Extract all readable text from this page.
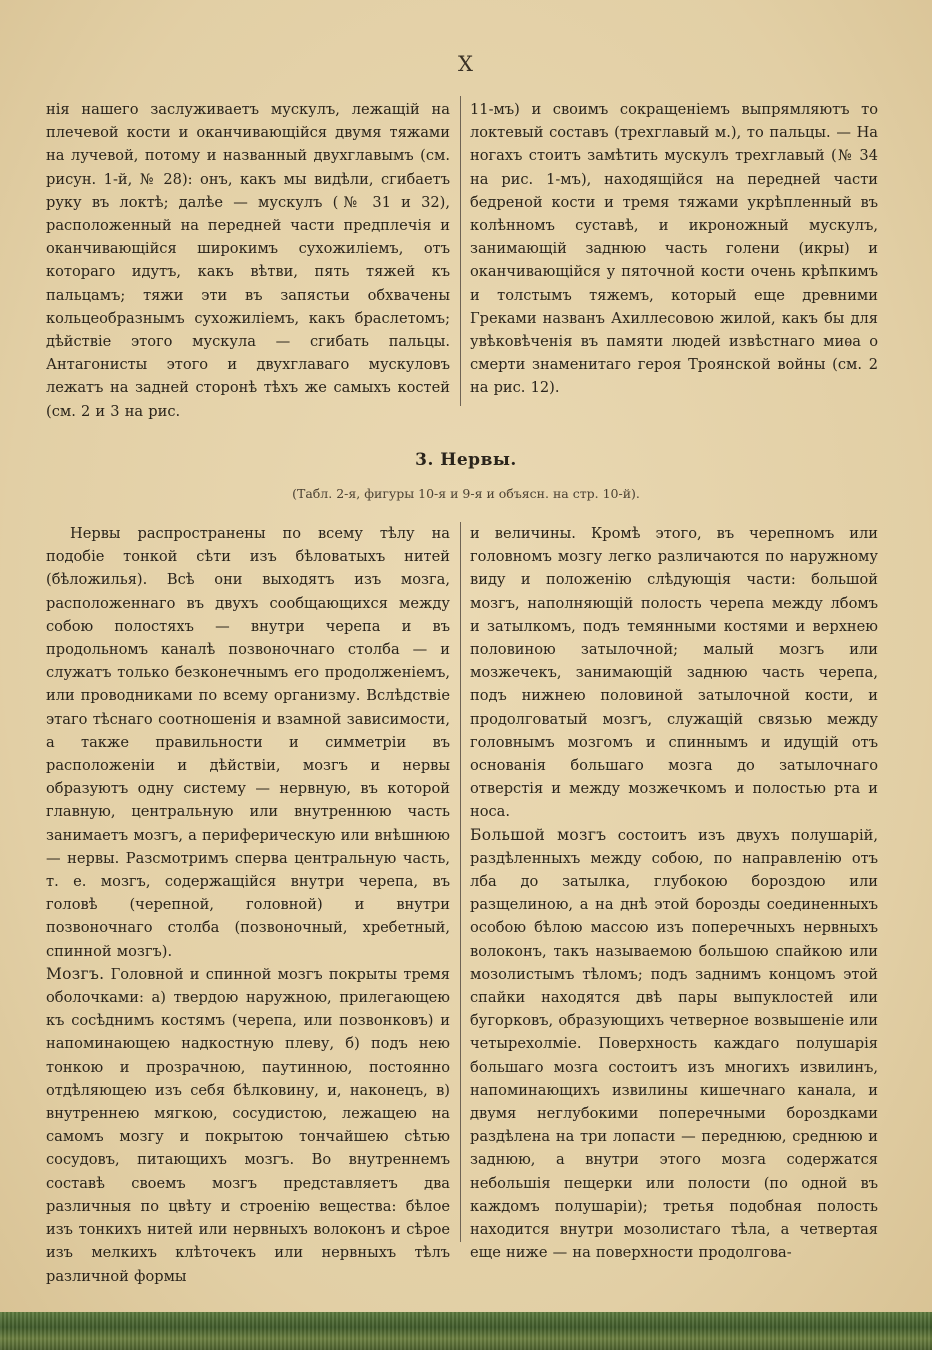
X

нія нашего заслуживаетъ мускулъ, лежащій на плечевой кости и оканчивающійся двумя тяжами на лучевой, потому и названный двухглавымъ (см. рисун. 1-й, № 28): онъ, какъ мы видѣли, сгибаетъ руку въ локтѣ; далѣе — мускулъ (№ 31 и 32), расположенный на передней части предплечія и оканчивающійся широкимъ сухожиліемъ, отъ котораго идутъ, какъ вѣтви, пять тяжей къ пальцамъ; тяжи эти въ запястьи обхвачены кольцеобразнымъ сухожиліемъ, какъ браслетомъ; дѣйствіе этого мускула — сгибать пальцы. Антагонисты этого и двухглаваго мускуловъ лежатъ на задней сторонѣ тѣхъ же самыхъ костей (см. 2 и 3 на рис.

11-мъ) и своимъ сокращеніемъ выпрямляютъ то локтевый составъ (трехглавый м.), то пальцы. — На ногахъ стоитъ замѣтить мускулъ трехглавый (№ 34 на рис. 1-мъ), находящійся на передней части бедреной кости и тремя тяжами укрѣпленный въ колѣнномъ суставѣ, и икроножный мускулъ, занимающій заднюю часть голени (икры) и оканчивающійся у пяточной кости очень крѣпкимъ и толстымъ тяжемъ, который еще древними Греками названъ Ахиллесовою жилой, какъ бы для увѣковѣченія въ памяти людей извѣстнаго миѳа о смерти знаменитаго героя Троянской войны (см. 2 на рис. 12).

3. Нервы.
(Табл. 2-я, фигуры 10-я и 9-я и объясн. на стр. 10-й).

Нервы распространены по всему тѣлу на подобіе тонкой сѣти изъ бѣловатыхъ нитей (бѣложилья). Всѣ они выходятъ изъ мозга, расположеннаго въ двухъ сообщающихся между собою полостяхъ — внутри черепа и въ продольномъ каналѣ позвоночнаго столба — и служатъ только безконечнымъ его продолженіемъ, или проводниками по всему организму. Вслѣдствіе этаго тѣснаго соотношенія и взамной зависимости, а также правильности и симметріи въ расположеніи и дѣйствіи, мозгъ и нервы образуютъ одну систему — нервную, въ которой главную, центральную или внутреннюю часть занимаетъ мозгъ, а периферическую или внѣшнюю — нервы. Разсмотримъ сперва центральную часть, т. е. мозгъ, содержащійся внутри черепа, въ головѣ (черепной, головной) и внутри позвоночнаго столба (позвоночный, хребетный, спинной мозгъ).

Мозгъ. Головной и спинной мозгъ покрыты тремя оболочками: а) твердою наружною, прилегающею къ сосѣднимъ костямъ (черепа, или позвонковъ) и напоминающею надкостную плеву, б) подъ нею тонкою и прозрачною, паутинною, постоянно отдѣляющею изъ себя бѣлковину, и, наконецъ, в) внутреннею мягкою, сосудистою, лежащею на самомъ мозгу и покрытою тончайшею сѣтью сосудовъ, питающихъ мозгъ. Во внутреннемъ составѣ своемъ мозгъ представляетъ два различныя по цвѣту и строенію вещества: бѣлое изъ тонкихъ нитей или нервныхъ волоконъ и сѣрое изъ мелкихъ клѣточекъ или нервныхъ тѣлъ различной формы

и величины. Кромѣ этого, въ черепномъ или головномъ мозгу легко различаются по наружному виду и положенію слѣдующія части: большой мозгъ, наполняющій полость черепа между лбомъ и затылкомъ, подъ темянными костями и верхнею половиною затылочной; малый мозгъ или мозжечекъ, занимающій заднюю часть черепа, подъ нижнею половиной затылочной кости, и продолговатый мозгъ, служащій связью между головнымъ мозгомъ и спиннымъ и идущій отъ основанія большаго мозга до затылочнаго отверстія и между мозжечкомъ и полостью рта и носа.

Большой мозгъ состоитъ изъ двухъ полушарій, раздѣленныхъ между собою, по направленію отъ лба до затылка, глубокою бороздою или разщелиною, а на днѣ этой борозды соединенныхъ особою бѣлою массою изъ поперечныхъ нервныхъ волоконъ, такъ называемою большою спайкою или мозолистымъ тѣломъ; подъ заднимъ концомъ этой спайки находятся двѣ пары выпуклостей или бугорковъ, образующихъ четверное возвышеніе или четырехолміе. Поверхность каждаго полушарія большаго мозга состоитъ изъ многихъ извилинъ, напоминающихъ извилины кишечнаго канала, и двумя неглубокими поперечными бороздками раздѣлена на три лопасти — переднюю, среднюю и заднюю, а внутри этого мозга содержатся небольшія пещерки или полости (по одной въ каждомъ полушаріи); третья подобная полость находится внутри мозолистаго тѣла, а четвертая еще ниже — на поверхности продолгова-
